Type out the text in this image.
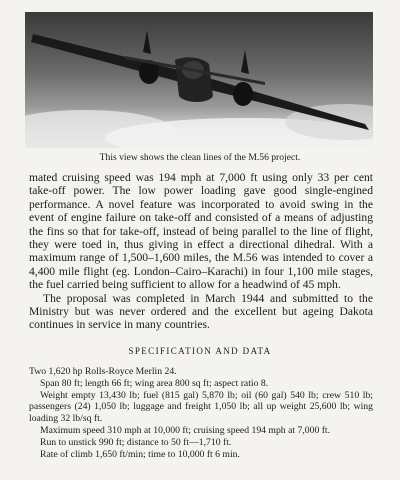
This view shows the clean lines of the M.56 project.

mated cruising speed was 194 mph at 7,000 ft using only 33 per cent take-off power. The low power loading gave good single-engined performance. A novel feature was incorporated to avoid swing in the event of engine failure on take-off and consisted of a means of adjusting the fins so that for take-off, instead of being parallel to the line of flight, they were toed in, thus giving in effect a directional dihedral. With a maximum range of 1,500–1,600 miles, the M.56 was intended to cover a 4,400 mile flight (eg. London–Cairo–Karachi) in four 1,100 mile stages, the fuel carried being sufficient to allow for a headwind of 45 mph.

The proposal was completed in March 1944 and submitted to the Ministry but was never ordered and the excellent but ageing Dakota continues in service in many countries.

SPECIFICATION AND DATA

Two 1,620 hp Rolls-Royce Merlin 24.

Span 80 ft; length 66 ft; wing area 800 sq ft; aspect ratio 8.

Weight empty 13,430 lb; fuel (815 gal) 5,870 lb; oil (60 gal) 540 lb; crew 510 lb; passengers (24) 1,050 lb; luggage and freight 1,050 lb; all up weight 25,600 lb; wing loading 32 lb/sq ft.

Maximum speed 310 mph at 10,000 ft; cruising speed 194 mph at 7,000 ft.

Run to unstick 990 ft; distance to 50 ft—1,710 ft.

Rate of climb 1,650 ft/min; time to 10,000 ft 6 min.
